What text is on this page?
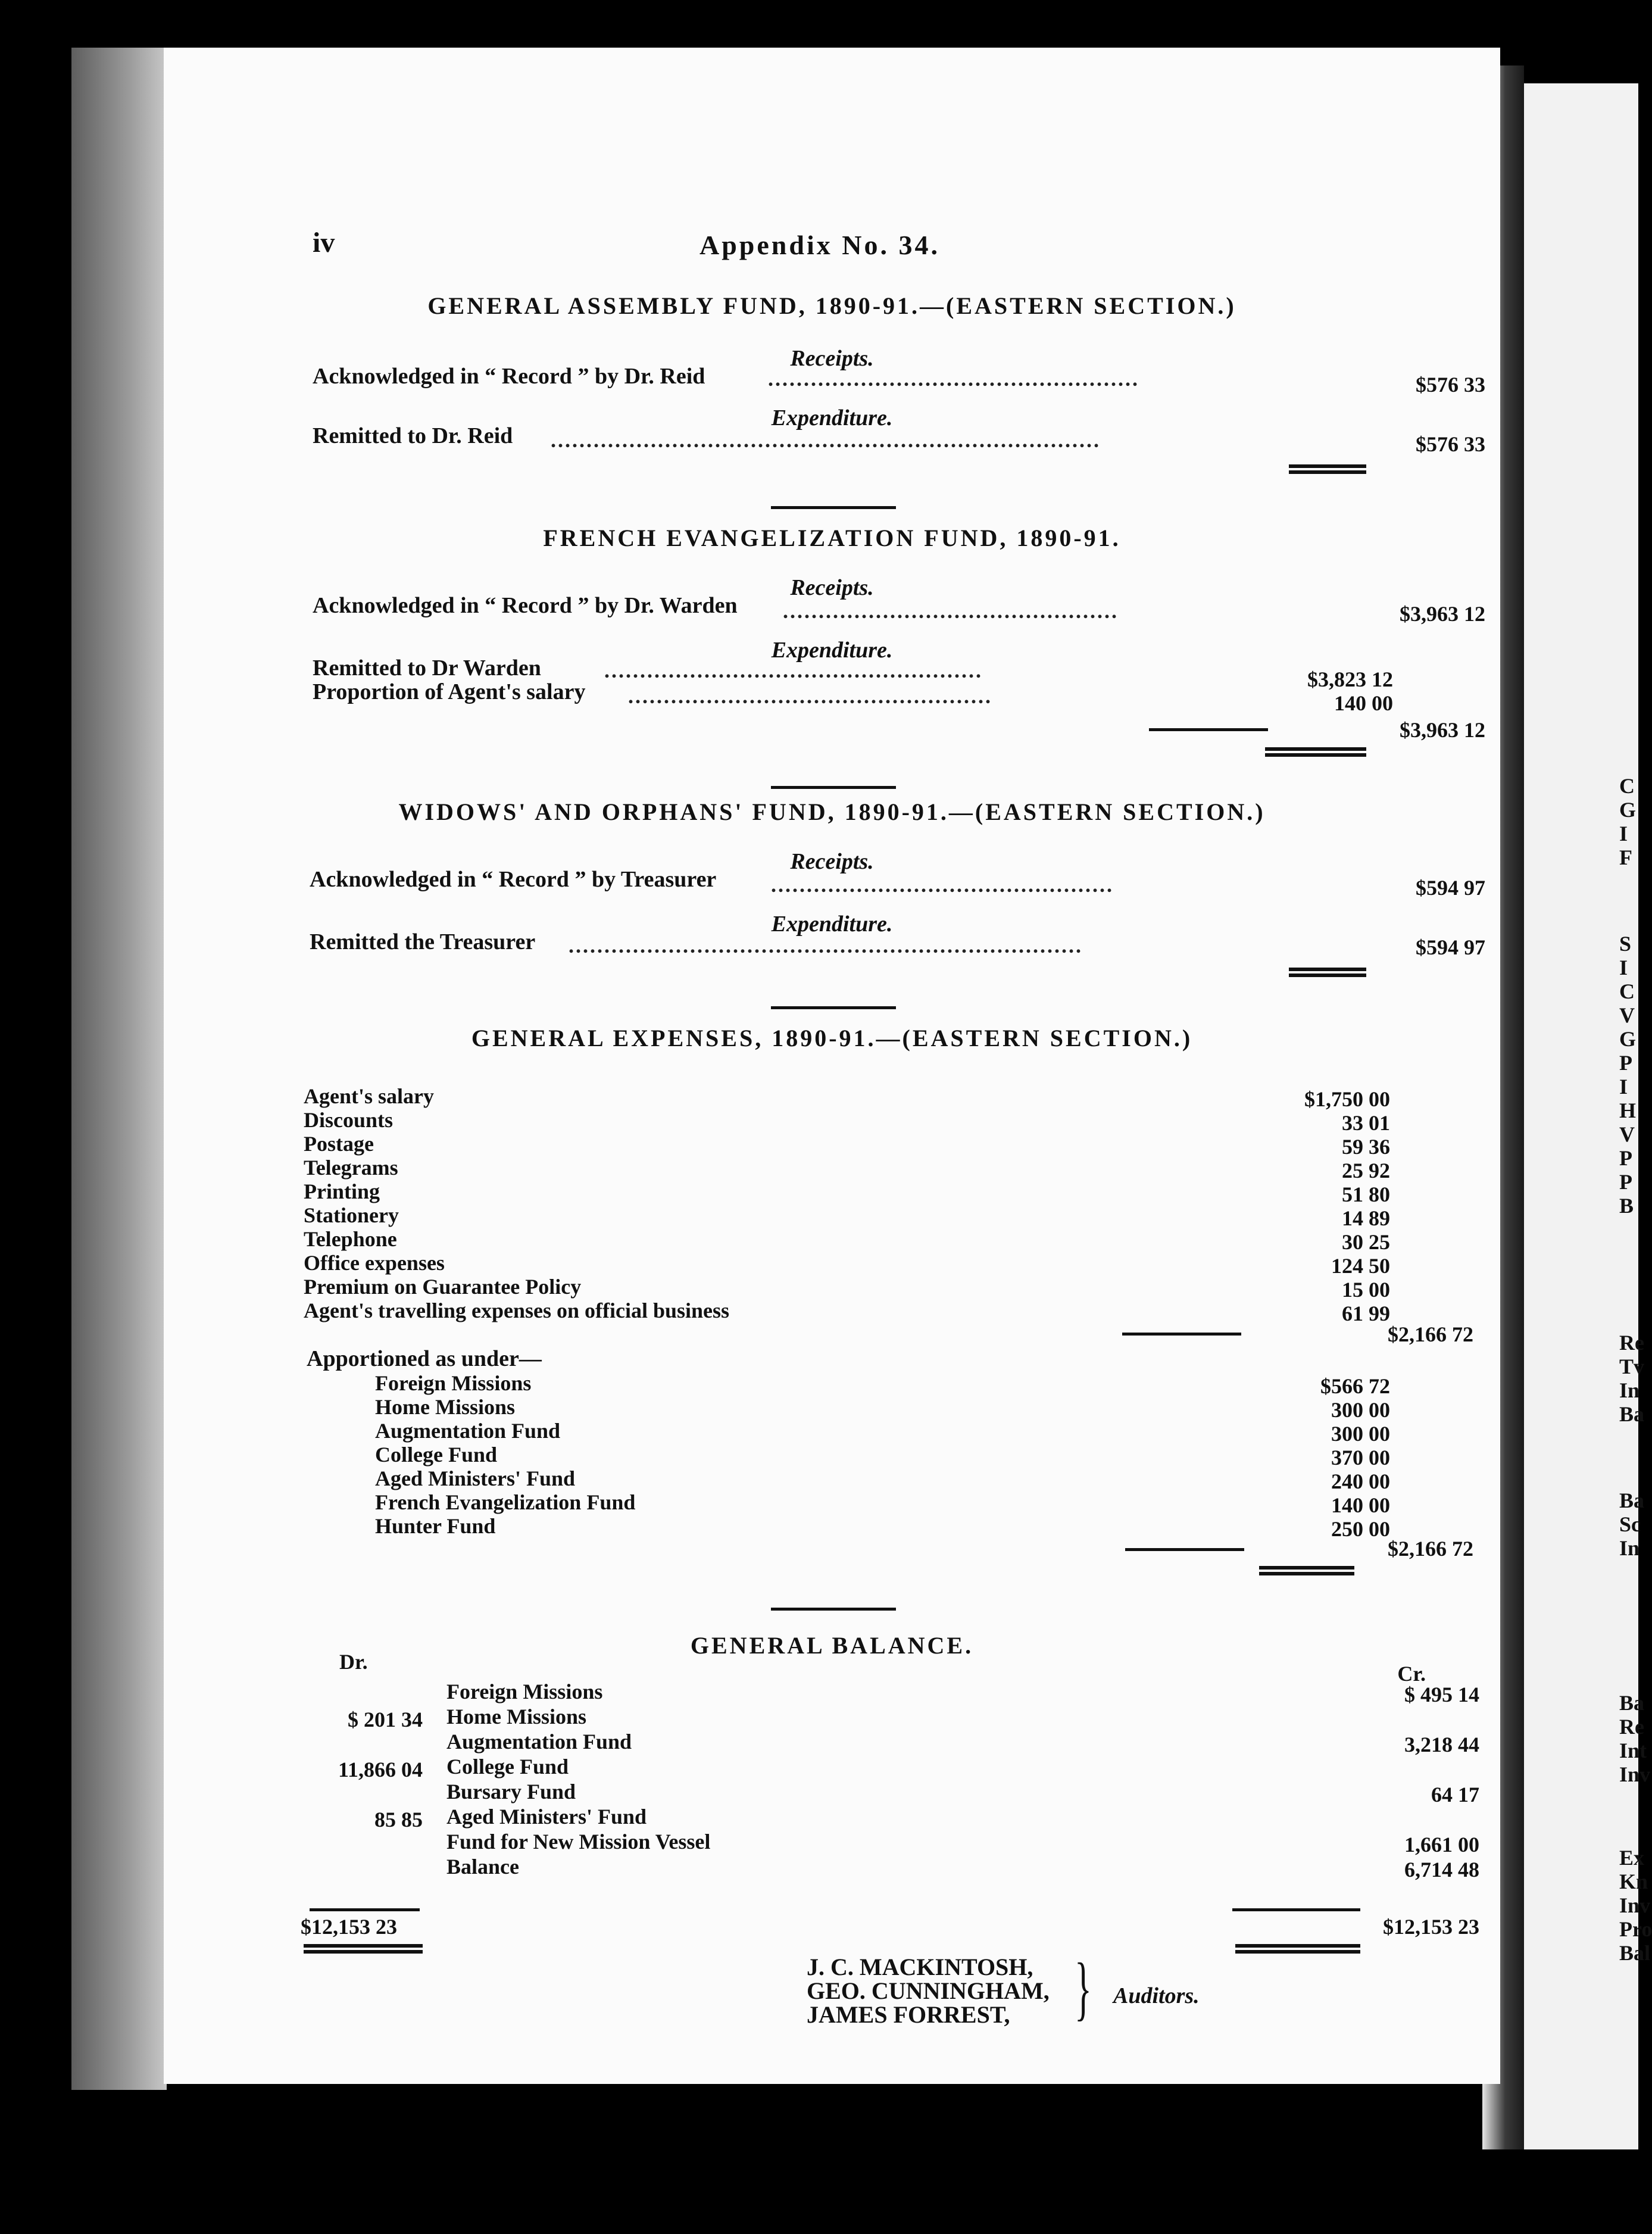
C
G
I
F
S
I
C
V
G
P
I
H
V
P
P
B
Re
Tv
In
Ba
Ba
Sc
In
Ba
Re
Int
Inv
Ex
Kn
Inv
Pro
Bal
iv	Appendix No. 34.
GENERAL ASSEMBLY FUND, 1890-91.—(EASTERN SECTION.)
Receipts.
Acknowledged in “ Record ” by Dr. Reid	....................................................	$576 33
Expenditure.
Remitted to Dr. Reid .............................................................................	$576 33
FRENCH EVANGELIZATION FUND, 1890-91.
Receipts.
Acknowledged in “ Record ” by Dr. Warden ...............................................	$3,963 12
Expenditure.
Remitted to Dr Warden	.....................................................	$3,823 12
Proportion of Agent's salary ...................................................	140 00
$3,963 12
WIDOWS' AND ORPHANS' FUND, 1890-91.—(EASTERN SECTION.)
Receipts.
Acknowledged in “ Record ” by Treasurer	................................................	$594 97
Expenditure.
Remitted the Treasurer ........................................................................	$594 97
GENERAL EXPENSES, 1890-91.—(EASTERN SECTION.)
Agent's salary	$1,750 00
Discounts	33 01
Postage	59 36
Telegrams	25 92
Printing	51 80
Stationery	14 89
Telephone	30 25
Office expenses	124 50
Premium on Guarantee Policy	15 00
Agent's travelling expenses on official business	61 99
$2,166 72
Apportioned as under—
Foreign Missions	$566 72
Home Missions	300 00
Augmentation Fund	300 00
College Fund	370 00
Aged Ministers' Fund	240 00
French Evangelization Fund	140 00
Hunter Fund	250 00
$2,166 72
GENERAL BALANCE.
Dr.	Cr.
Foreign Missions	$ 495 14
$ 201 34 Home Missions
Augmentation Fund	3,218 44
11,866 04 College Fund
Bursary Fund	64 17
85 85 Aged Ministers' Fund
Fund for New Mission Vessel	1,661 00
Balance	6,714 48
$12,153 23	$12,153 23
J. C. MACKINTOSH,
GEO. CUNNINGHAM,
JAMES FORREST, } Auditors.
